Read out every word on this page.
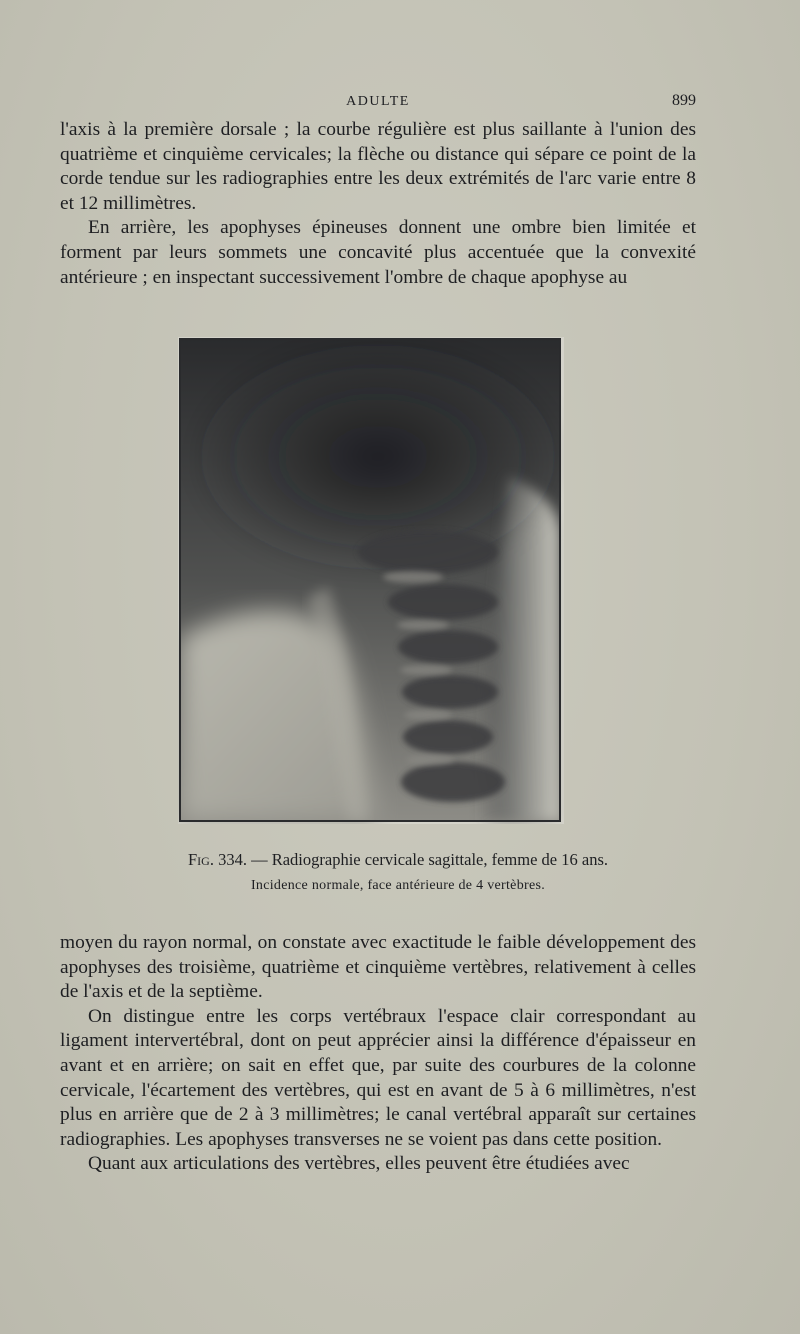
ADULTE	899

l'axis à la première dorsale ; la courbe régulière est plus saillante à l'union des quatrième et cinquième cervicales; la flèche ou distance qui sépare ce point de la corde tendue sur les radiographies entre les deux extrémités de l'arc varie entre 8 et 12 millimètres.

En arrière, les apophyses épineuses donnent une ombre bien limitée et forment par leurs sommets une concavité plus accentuée que la convexité antérieure ; en inspectant successivement l'ombre de chaque apophyse au

Fig. 334. — Radiographie cervicale sagittale, femme de 16 ans.
Incidence normale, face antérieure de 4 vertèbres.

moyen du rayon normal, on constate avec exactitude le faible développement des apophyses des troisième, quatrième et cinquième vertèbres, relativement à celles de l'axis et de la septième.

On distingue entre les corps vertébraux l'espace clair correspondant au ligament intervertébral, dont on peut apprécier ainsi la différence d'épaisseur en avant et en arrière; on sait en effet que, par suite des courbures de la colonne cervicale, l'écartement des vertèbres, qui est en avant de 5 à 6 millimètres, n'est plus en arrière que de 2 à 3 millimètres; le canal vertébral apparaît sur certaines radiographies. Les apophyses transverses ne se voient pas dans cette position.

Quant aux articulations des vertèbres, elles peuvent être étudiées avec
